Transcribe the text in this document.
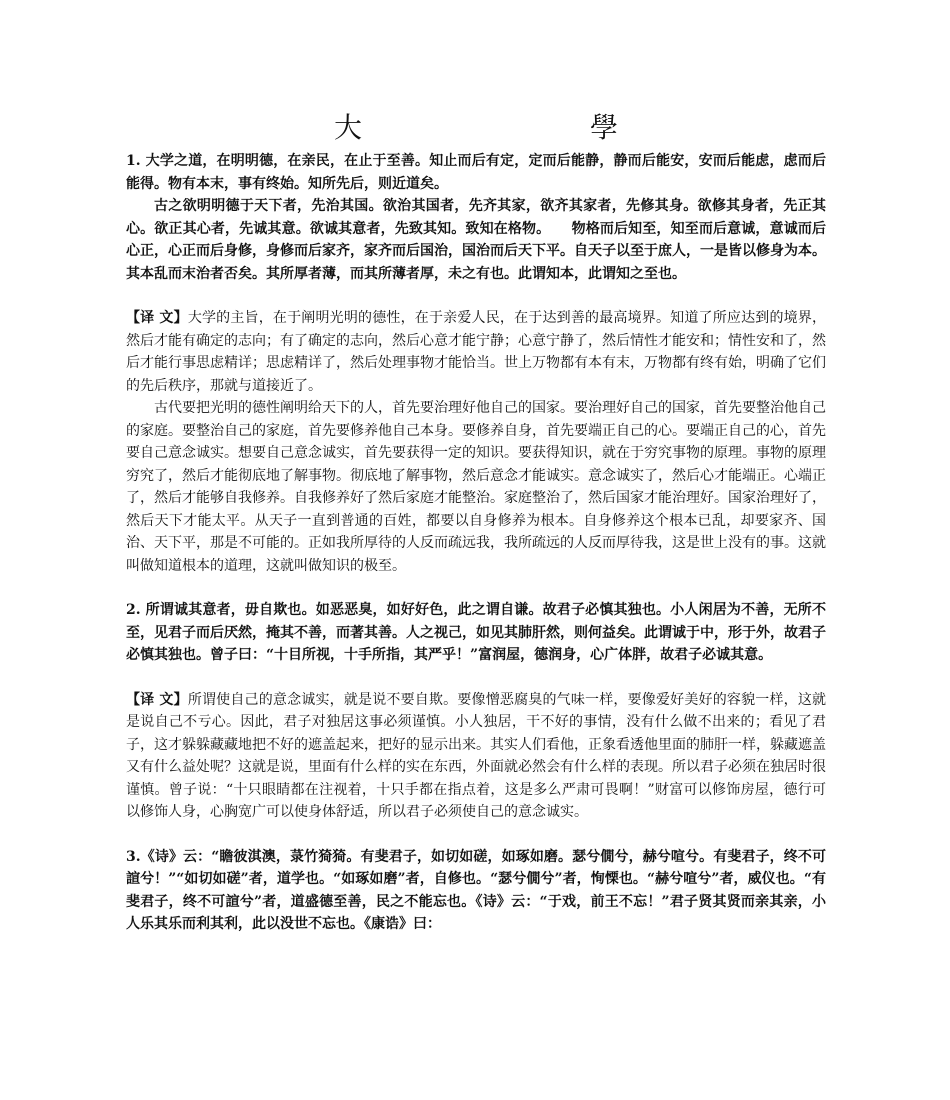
大　學

1. 大学之道，在明明德，在亲民，在止于至善。知止而后有定，定而后能静，静而后能安，安而后能虑，虑而后能得。物有本末，事有终始。知所先后，则近道矣。

古之欲明明德于天下者，先治其国。欲治其国者，先齐其家，欲齐其家者，先修其身。欲修其身者，先正其心。欲正其心者，先诚其意。欲诚其意者，先致其知。致知在格物。　　物格而后知至，知至而后意诚，意诚而后心正，心正而后身修，身修而后家齐，家齐而后国治，国治而后天下平。自天子以至于庶人，一是皆以修身为本。其本乱而末治者否矣。其所厚者薄，而其所薄者厚，未之有也。此谓知本，此谓知之至也。

【译 文】大学的主旨，在于阐明光明的德性，在于亲爱人民，在于达到善的最高境界。知道了所应达到的境界，然后才能有确定的志向；有了确定的志向，然后心意才能宁静；心意宁静了，然后情性才能安和；情性安和了，然后才能行事思虑精详；思虑精详了，然后处理事物才能恰当。世上万物都有本有末，万物都有终有始，明确了它们的先后秩序，那就与道接近了。

古代要把光明的德性阐明给天下的人，首先要治理好他自己的国家。要治理好自己的国家，首先要整治他自己的家庭。要整治自己的家庭，首先要修养他自己本身。要修养自身，首先要端正自己的心。要端正自己的心，首先要自己意念诚实。想要自己意念诚实，首先要获得一定的知识。要获得知识，就在于穷究事物的原理。事物的原理穷究了，然后才能彻底地了解事物。彻底地了解事物，然后意念才能诚实。意念诚实了，然后心才能端正。心端正了，然后才能够自我修养。自我修养好了然后家庭才能整治。家庭整治了，然后国家才能治理好。国家治理好了，然后天下才能太平。从天子一直到普通的百姓，都要以自身修养为根本。自身修养这个根本已乱，却要家齐、国治、天下平，那是不可能的。正如我所厚待的人反而疏远我，我所疏远的人反而厚待我，这是世上没有的事。这就叫做知道根本的道理，这就叫做知识的极至。

2. 所谓诚其意者，毋自欺也。如恶恶臭，如好好色，此之谓自谦。故君子必慎其独也。小人闲居为不善，无所不至，见君子而后厌然，掩其不善，而著其善。人之视己，如见其肺肝然，则何益矣。此谓诚于中，形于外，故君子必慎其独也。曾子曰：“十目所视，十手所指，其严乎！”富润屋，德润身，心广体胖，故君子必诚其意。

【译 文】所谓使自己的意念诚实，就是说不要自欺。要像憎恶腐臭的气味一样，要像爱好美好的容貌一样，这就是说自己不亏心。因此，君子对独居这事必须谨慎。小人独居，干不好的事情，没有什么做不出来的；看见了君子，这才躲躲藏藏地把不好的遮盖起来，把好的显示出来。其实人们看他，正象看透他里面的肺肝一样，躲藏遮盖又有什么益处呢？这就是说，里面有什么样的实在东西，外面就必然会有什么样的表现。所以君子必须在独居时很谨慎。曾子说：“十只眼睛都在注视着，十只手都在指点着，这是多么严肃可畏啊！”财富可以修饰房屋，德行可以修饰人身，心胸宽广可以使身体舒适，所以君子必须使自己的意念诚实。

3.《诗》云：“瞻彼淇澳，菉竹猗猗。有斐君子，如切如磋，如琢如磨。瑟兮僩兮，赫兮喧兮。有斐君子，终不可諠兮！”“如切如磋”者，道学也。“如琢如磨”者，自修也。“瑟兮僩兮”者，恂慄也。“赫兮喧兮”者，威仪也。“有斐君子，终不可諠兮”者，道盛德至善，民之不能忘也。《诗》云：“于戏，前王不忘！”君子贤其贤而亲其亲，小人乐其乐而利其利，此以没世不忘也。《康诰》曰：
